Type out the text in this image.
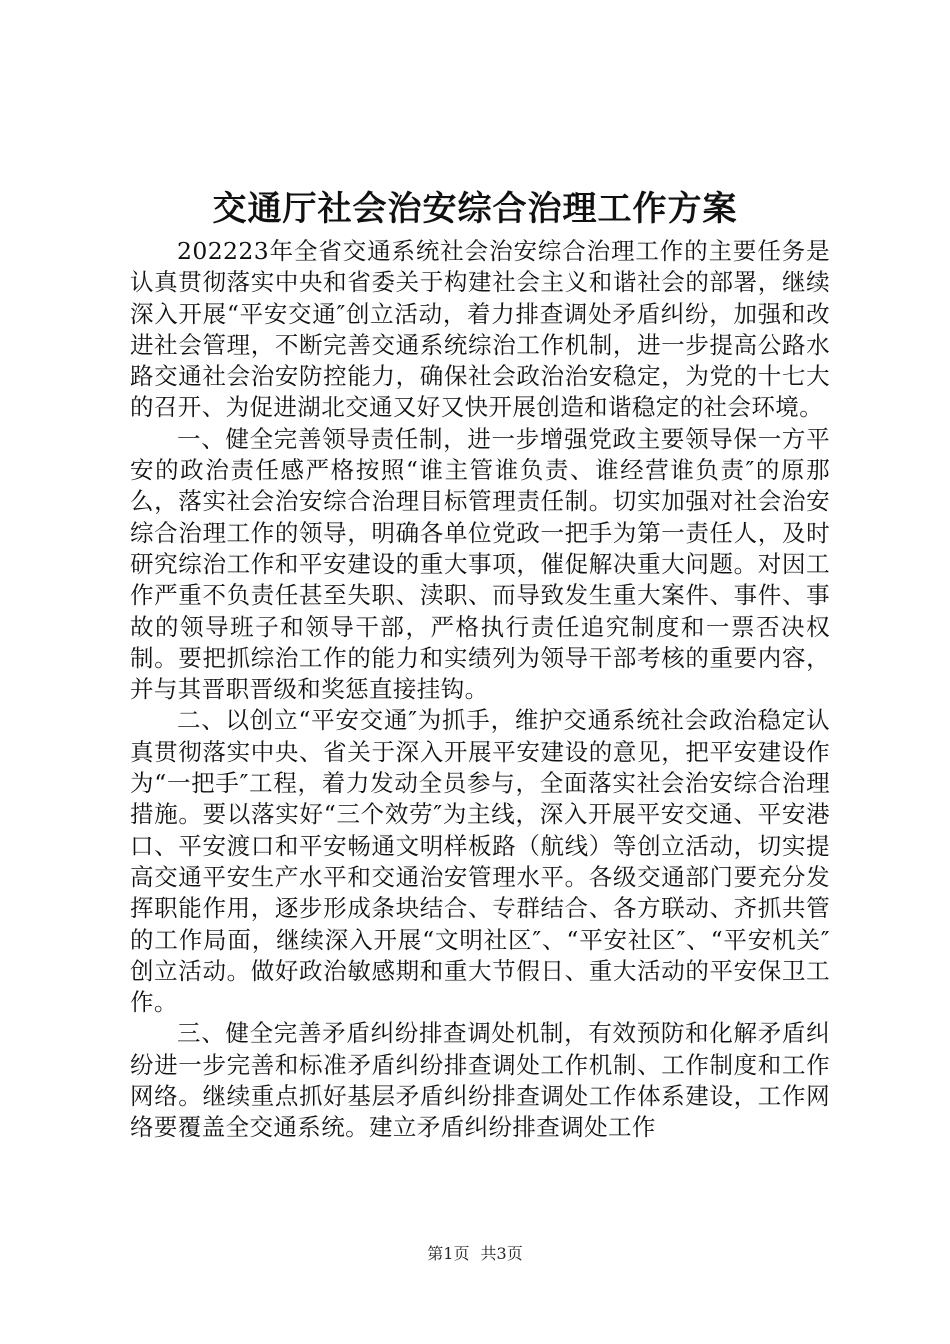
交通厅社会治安综合治理工作方案

202223年全省交通系统社会治安综合治理工作的主要任务是认真贯彻落实中央和省委关于构建社会主义和谐社会的部署，继续深入开展“平安交通″创立活动，着力排查调处矛盾纠纷，加强和改进社会管理，不断完善交通系统综治工作机制，进一步提高公路水路交通社会治安防控能力，确保社会政治治安稳定，为党的十七大的召开、为促进湖北交通又好又快开展创造和谐稳定的社会环境。

一、健全完善领导责任制，进一步增强党政主要领导保一方平安的政治责任感严格按照“谁主管谁负责、谁经营谁负责″的原那么，落实社会治安综合治理目标管理责任制。切实加强对社会治安综合治理工作的领导，明确各单位党政一把手为第一责任人，及时研究综治工作和平安建设的重大事项，催促解决重大问题。对因工作严重不负责任甚至失职、渎职、而导致发生重大案件、事件、事故的领导班子和领导干部，严格执行责任追究制度和一票否决权制。要把抓综治工作的能力和实绩列为领导干部考核的重要内容，并与其晋职晋级和奖惩直接挂钩。

二、以创立“平安交通″为抓手，维护交通系统社会政治稳定认真贯彻落实中央、省关于深入开展平安建设的意见，把平安建设作为“一把手″工程，着力发动全员参与，全面落实社会治安综合治理措施。要以落实好“三个效劳″为主线，深入开展平安交通、平安港口、平安渡口和平安畅通文明样板路（航线）等创立活动，切实提高交通平安生产水平和交通治安管理水平。各级交通部门要充分发挥职能作用，逐步形成条块结合、专群结合、各方联动、齐抓共管的工作局面，继续深入开展“文明社区″、“平安社区″、“平安机关″创立活动。做好政治敏感期和重大节假日、重大活动的平安保卫工作。

三、健全完善矛盾纠纷排查调处机制，有效预防和化解矛盾纠纷进一步完善和标准矛盾纠纷排查调处工作机制、工作制度和工作网络。继续重点抓好基层矛盾纠纷排查调处工作体系建设，工作网络要覆盖全交通系统。建立矛盾纠纷排查调处工作

第1页 共3页
